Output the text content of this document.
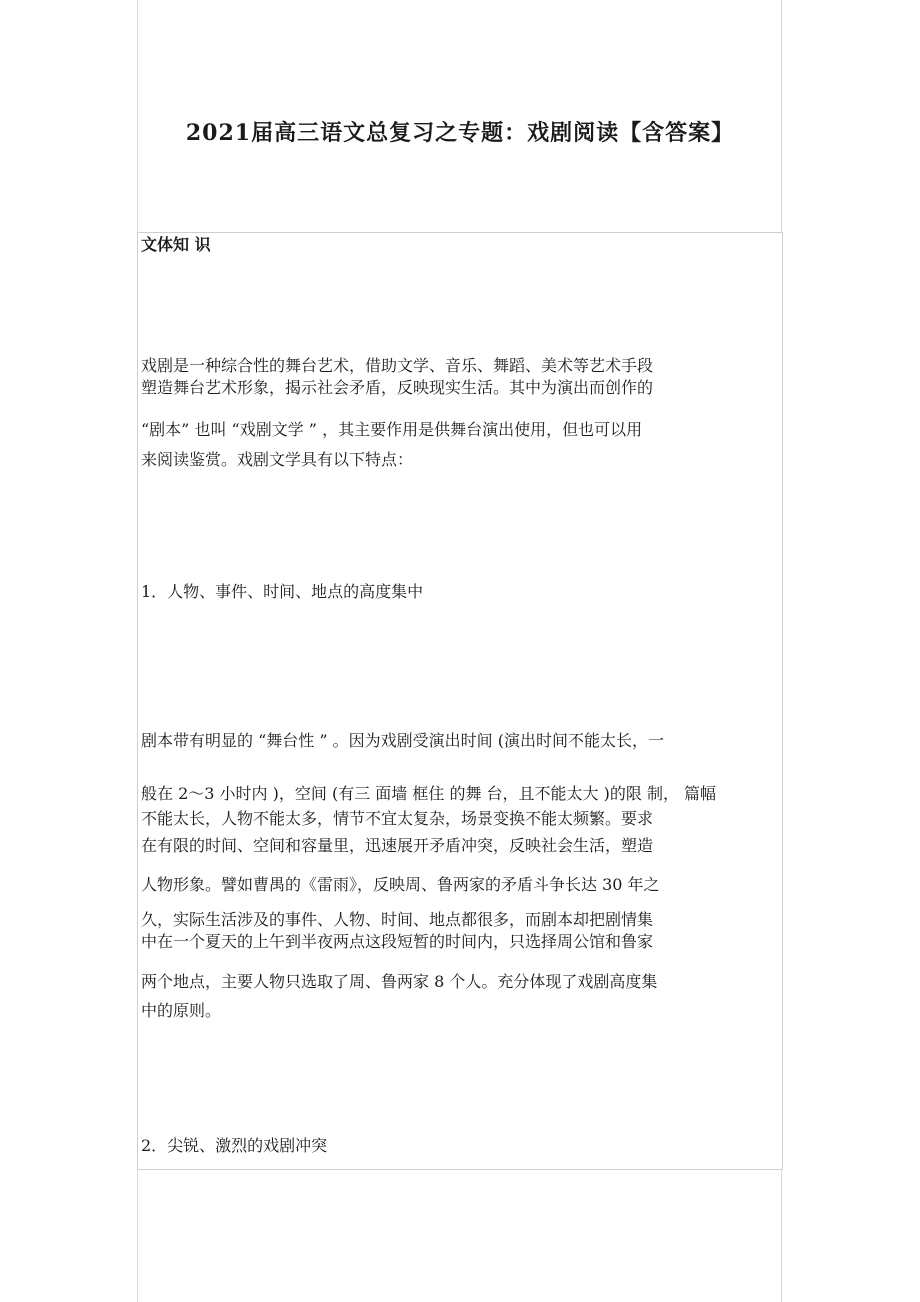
2021届高三语文总复习之专题：戏剧阅读【含答案】
文体知 识
戏剧是一种综合性的舞台艺术，借助文学、音乐、舞蹈、美术等艺术手段
塑造舞台艺术形象，揭示社会矛盾，反映现实生活。其中为演出而创作的
“剧本” 也叫 “戏剧文学 ” ，其主要作用是供舞台演出使用，但也可以用
来阅读鉴赏。戏剧文学具有以下特点：
1．人物、事件、时间、地点的高度集中
剧本带有明显的 “舞台性 ” 。因为戏剧受演出时间 (演出时间不能太长，一
般在 2～3 小时内 )，空间 (有三 面墙 框住 的舞 台，且不能太大 )的限 制， 篇幅
不能太长，人物不能太多，情节不宜太复杂，场景变换不能太频繁。要求
在有限的时间、空间和容量里，迅速展开矛盾冲突，反映社会生活，塑造
人物形象。譬如曹禺的《雷雨》，反映周、鲁两家的矛盾斗争长达 30 年之
久，实际生活涉及的事件、人物、时间、地点都很多，而剧本却把剧情集
中在一个夏天的上午到半夜两点这段短暂的时间内，只选择周公馆和鲁家
两个地点，主要人物只选取了周、鲁两家 8 个人。充分体现了戏剧高度集
中的原则。
2．尖锐、激烈的戏剧冲突
